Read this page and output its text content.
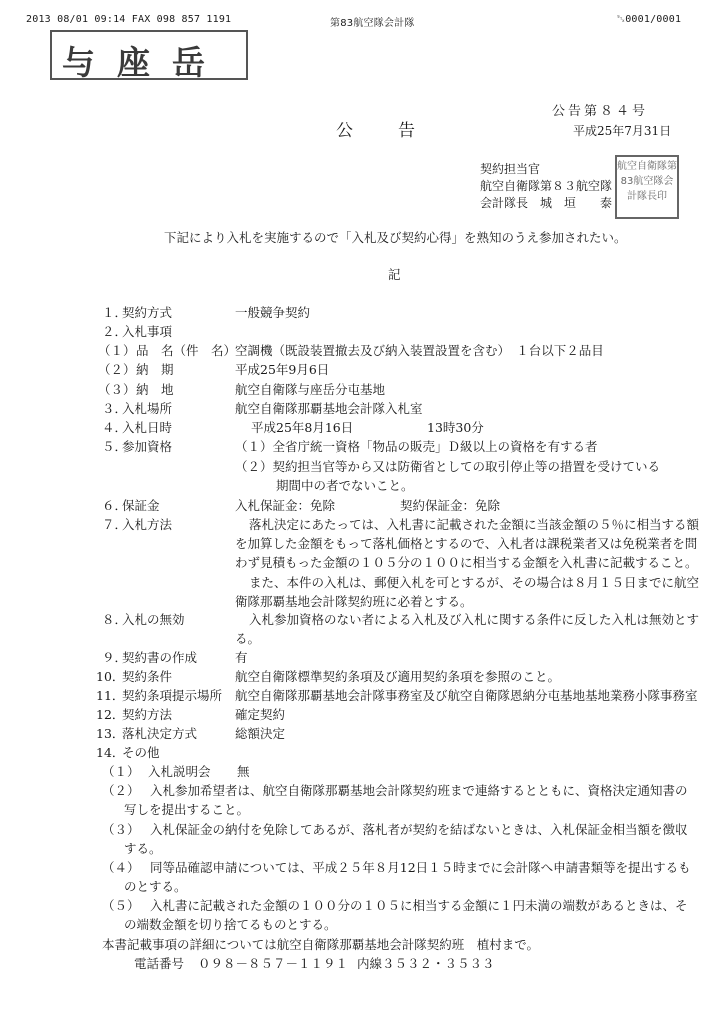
2013 08/01 09:14 FAX 098 857 1191	第83航空隊会計隊	␂0001/0001
与座岳
公告第８４号
公告	平成25年7月31日
契約担当官
航空自衛隊第８３航空隊
会計隊長　城　垣　　泰
航空自衛隊第83航空隊会計隊長印
下記により入札を実施するので「入札及び契約心得」を熟知のうえ参加されたい。
記
１．
契約方式	一般競争契約
２．
入札事項
（１） 品　名（件　名）
空調機（既設装置撤去及び納入装置設置を含む）　１台以下２品目
（２） 納　期	平成25年9月6日
（３） 納　地	航空自衛隊与座岳分屯基地
３．
入札場所	航空自衛隊那覇基地会計隊入札室
４．
入札日時	平成25年8月16日	13時30分
５．
参加資格	（１）全省庁統一資格「物品の販売」Ｄ級以上の資格を有する者
（２）契約担当官等から又は防衛省としての取引停止等の措置を受けている
期間中の者でないこと。
６．
保証金	入札保証金：免除	契約保証金：免除
７．
入札方法	落札決定にあたっては、入札書に記載された金額に当該金額の５％に相当する額
を加算した金額をもって落札価格とするので、入札者は課税業者又は免税業者を問
わず見積もった金額の１０５分の１００に相当する金額を入札書に記載すること。
また、本件の入札は、郵便入札を可とするが、その場合は８月１５日までに航空
衛隊那覇基地会計隊契約班に必着とする。
８．
入札の無効	入札参加資格のない者による入札及び入札に関する条件に反した入札は無効とす
る。
９．
契約書の作成	有
10．
契約条件	航空自衛隊標準契約条項及び適用契約条項を参照のこと。
11．
契約条項提示場所 航空自衛隊那覇基地会計隊事務室及び航空自衛隊恩納分屯基地基地業務小隊事務室
12．
契約方法	確定契約
13．
落札決定方式	総額決定
14．
その他
（１） 入札説明会 無
（２） 入札参加希望者は、航空自衛隊那覇基地会計隊契約班まで連絡するとともに、資格決定通知書の
写しを提出すること。
（３） 入札保証金の納付を免除してあるが、落札者が契約を結ばないときは、入札保証金相当額を徴収
する。
（４） 同等品確認申請については、平成２５年８月12日１５時までに会計隊へ申請書類等を提出するも
のとする。
（５） 入札書に記載された金額の１００分の１０５に相当する金額に１円未満の端数があるときは、そ
の端数金額を切り捨てるものとする。
本書記載事項の詳細については航空自衛隊那覇基地会計隊契約班　植村まで。
電話番号 ０９８－８５７－１１９１ 内線３５３２・３５３３
